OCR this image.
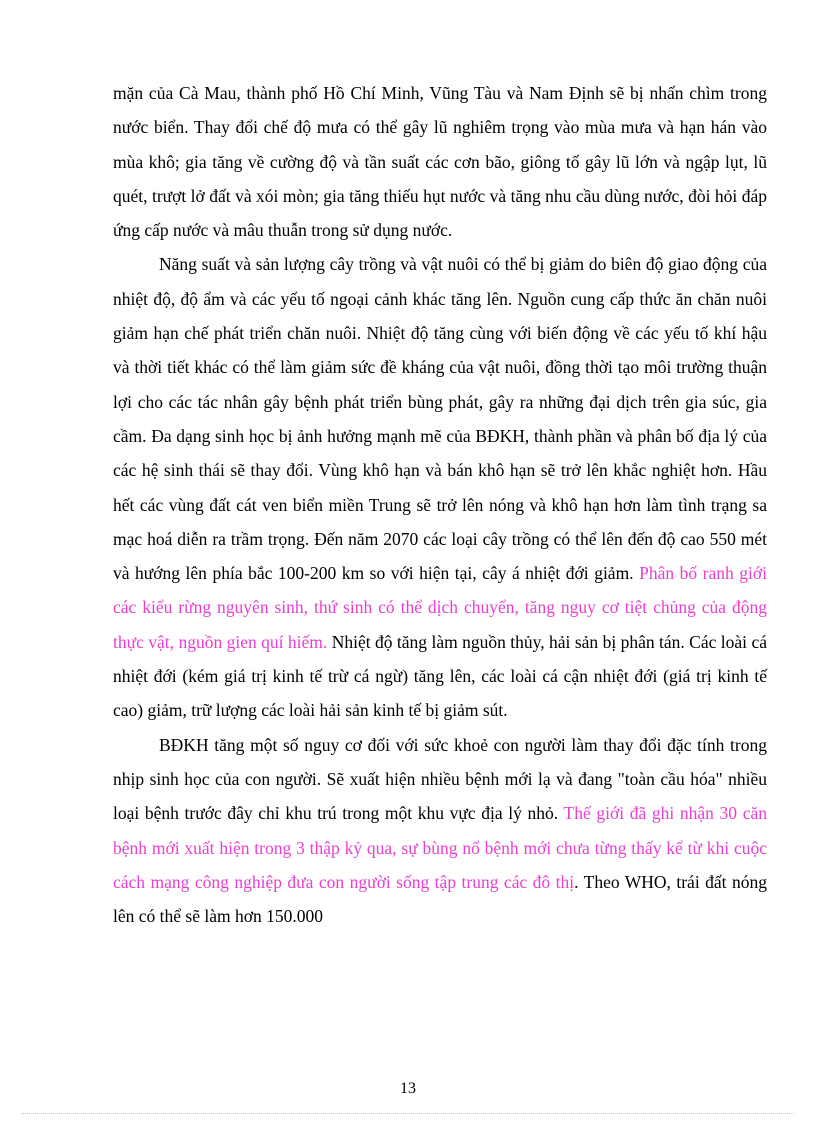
mặn của Cà Mau, thành phố Hồ Chí Minh, Vũng Tàu và Nam Định sẽ bị nhấn chìm trong nước biển. Thay đổi chế độ mưa có thể gây lũ nghiêm trọng vào mùa mưa và hạn hán vào mùa khô; gia tăng về cường độ và tần suất các cơn bão, giông tố gây lũ lớn và ngập lụt, lũ quét, trượt lở đất và xói mòn; gia tăng thiếu hụt nước và tăng nhu cầu dùng nước, đòi hỏi đáp ứng cấp nước và mâu thuẫn trong sử dụng nước.

Năng suất và sản lượng cây trồng và vật nuôi có thể bị giảm do biên độ giao động của nhiệt độ, độ ẩm và các yếu tố ngoại cảnh khác tăng lên. Nguồn cung cấp thức ăn chăn nuôi giảm hạn chế phát triển chăn nuôi. Nhiệt độ tăng cùng với biến động về các yếu tố khí hậu và thời tiết khác có thể làm giảm sức đề kháng của vật nuôi, đồng thời tạo môi trường thuận lợi cho các tác nhân gây bệnh phát triển bùng phát, gây ra những đại dịch trên gia súc, gia cầm. Đa dạng sinh học bị ảnh hưởng mạnh mẽ của BĐKH, thành phần và phân bố địa lý của các hệ sinh thái sẽ thay đổi. Vùng khô hạn và bán khô hạn sẽ trở lên khắc nghiệt hơn. Hầu hết các vùng đất cát ven biển miền Trung sẽ trở lên nóng và khô hạn hơn làm tình trạng sa mạc hoá diễn ra trầm trọng. Đến năm 2070 các loại cây trồng có thể lên đến độ cao 550 mét và hướng lên phía bắc 100-200 km so với hiện tại, cây á nhiệt đới giảm. Phân bố ranh giới các kiểu rừng nguyên sinh, thứ sinh có thể dịch chuyển, tăng nguy cơ tiệt chủng của động thực vật, nguồn gien quí hiếm. Nhiệt độ tăng làm nguồn thủy, hải sản bị phân tán. Các loài cá nhiệt đới (kém giá trị kinh tế trừ cá ngừ) tăng lên, các loài cá cận nhiệt đới (giá trị kinh tế cao) giảm, trữ lượng các loài hải sản kinh tế bị giảm sút.

BĐKH tăng một số nguy cơ đối với sức khoẻ con người làm thay đổi đặc tính trong nhịp sinh học của con người. Sẽ xuất hiện nhiều bệnh mới lạ và đang "toàn cầu hóa" nhiều loại bệnh trước đây chỉ khu trú trong một khu vực địa lý nhỏ. Thế giới đã ghi nhận 30 căn bệnh mới xuất hiện trong 3 thập kỷ qua, sự bùng nổ bệnh mới chưa từng thấy kể từ khi cuộc cách mạng công nghiệp đưa con người sống tập trung các đô thị. Theo WHO, trái đất nóng lên có thể sẽ làm hơn 150.000

13
